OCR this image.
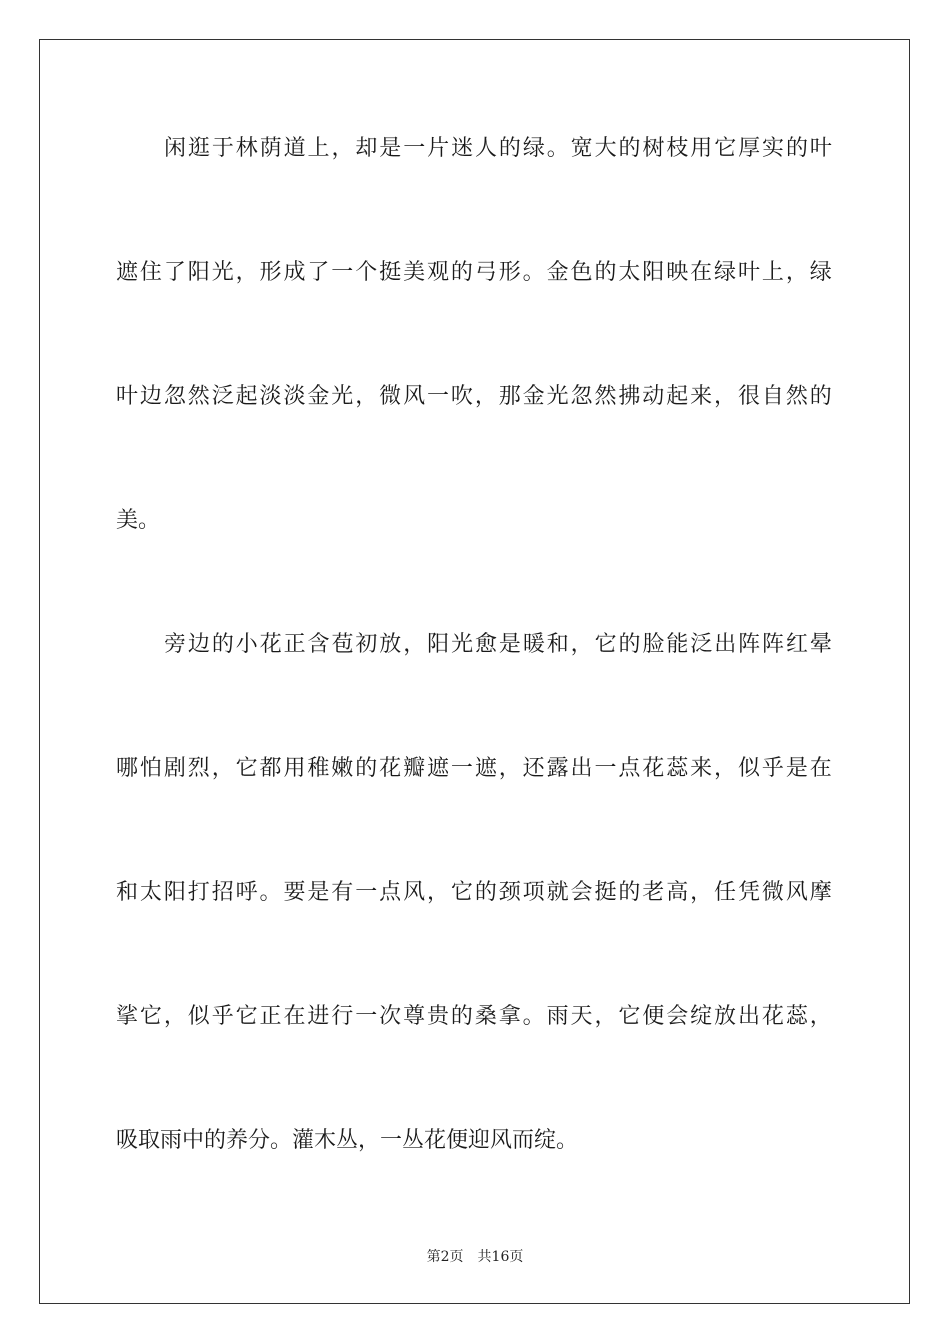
闲 逛 于 林 荫 道 上 ， 却 是 一 片 迷 人 的 绿 。 宽 大 的 树 枝 用 它 厚 实 的 叶
遮 住 了 阳 光 ， 形 成 了 一 个 挺 美 观 的 弓 形 。 金 色 的 太 阳 映 在 绿 叶 上 ， 绿
叶 边 忽 然 泛 起 淡 淡 金 光 ， 微 风 一 吹 ， 那 金 光 忽 然 拂 动 起 来 ， 很 自 然 的
美。
旁 边 的 小 花 正 含 苞 初 放 ， 阳 光 愈 是 暖 和 ， 它 的 脸 能 泛 出 阵 阵 红 晕
哪 怕 剧 烈 ， 它 都 用 稚 嫩 的 花 瓣 遮 一 遮 ， 还 露 出 一 点 花 蕊 来 ， 似 乎 是 在
和 太 阳 打 招 呼 。 要 是 有 一 点 风 ， 它 的 颈 项 就 会 挺 的 老 高 ， 任 凭 微 风 摩
挲 它 ， 似 乎 它 正 在 进 行 一 次 尊 贵 的 桑 拿 。 雨 天 ， 它 便 会 绽 放 出 花 蕊 ，
吸取雨中的养分。灌木丛，一丛花便迎风而绽。
第2页 共16页
